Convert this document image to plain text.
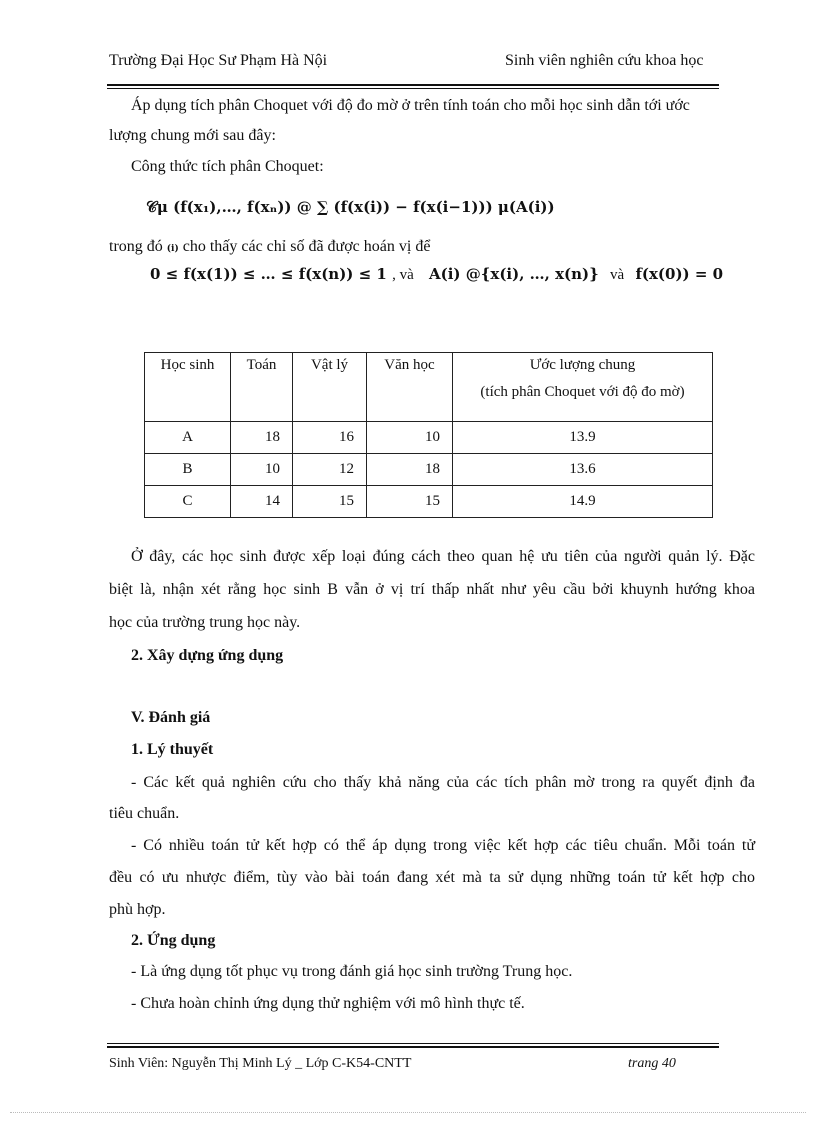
Trường Đại Học Sư Phạm Hà Nội	Sinh viên nghiên cứu khoa học
Áp dụng tích phân Choquet với độ đo mờ ở trên tính toán cho mỗi học sinh dẫn tới ước
lượng chung mới sau đây:
Công thức tích phân Choquet:
𝒞μ (f(x₁),…, f(xₙ)) @ ∑ (f(x(i)) − f(x(i−1))) μ(A(i))
trong đó (i) cho thấy các chỉ số đã được hoán vị để
0 ≤ f(x(1)) ≤ … ≤ f(x(n)) ≤ 1 , và A(i) @{x(i), …, x(n)} và f(x(0)) = 0
Học sinh	Toán	Vật lý	Văn học	Ước lượng chung
(tích phân Choquet với độ đo mờ)

A	18	16	10	13.9
B	10	12	18	13.6
C	14	15	15	14.9
Ở đây, các học sinh được xếp loại đúng cách theo quan hệ ưu tiên của người quản lý. Đặc
biệt là, nhận xét rằng học sinh B vẫn ở vị trí thấp nhất như yêu cầu bởi khuynh hướng khoa
học của trường trung học này.
2. Xây dựng ứng dụng
V. Đánh giá
1. Lý thuyết
- Các kết quả nghiên cứu cho thấy khả năng của các tích phân mờ trong ra quyết định đa
tiêu chuẩn.
- Có nhiều toán tử kết hợp có thể áp dụng trong việc kết hợp các tiêu chuẩn. Mỗi toán tử
đều có ưu nhược điểm, tùy vào bài toán đang xét mà ta sử dụng những toán tử kết hợp cho
phù hợp.
2. Ứng dụng
- Là ứng dụng tốt phục vụ trong đánh giá học sinh trường Trung học.
- Chưa hoàn chỉnh ứng dụng thử nghiệm với mô hình thực tế.
Sinh Viên: Nguyễn Thị Minh Lý _ Lớp C-K54-CNTT	trang 40
